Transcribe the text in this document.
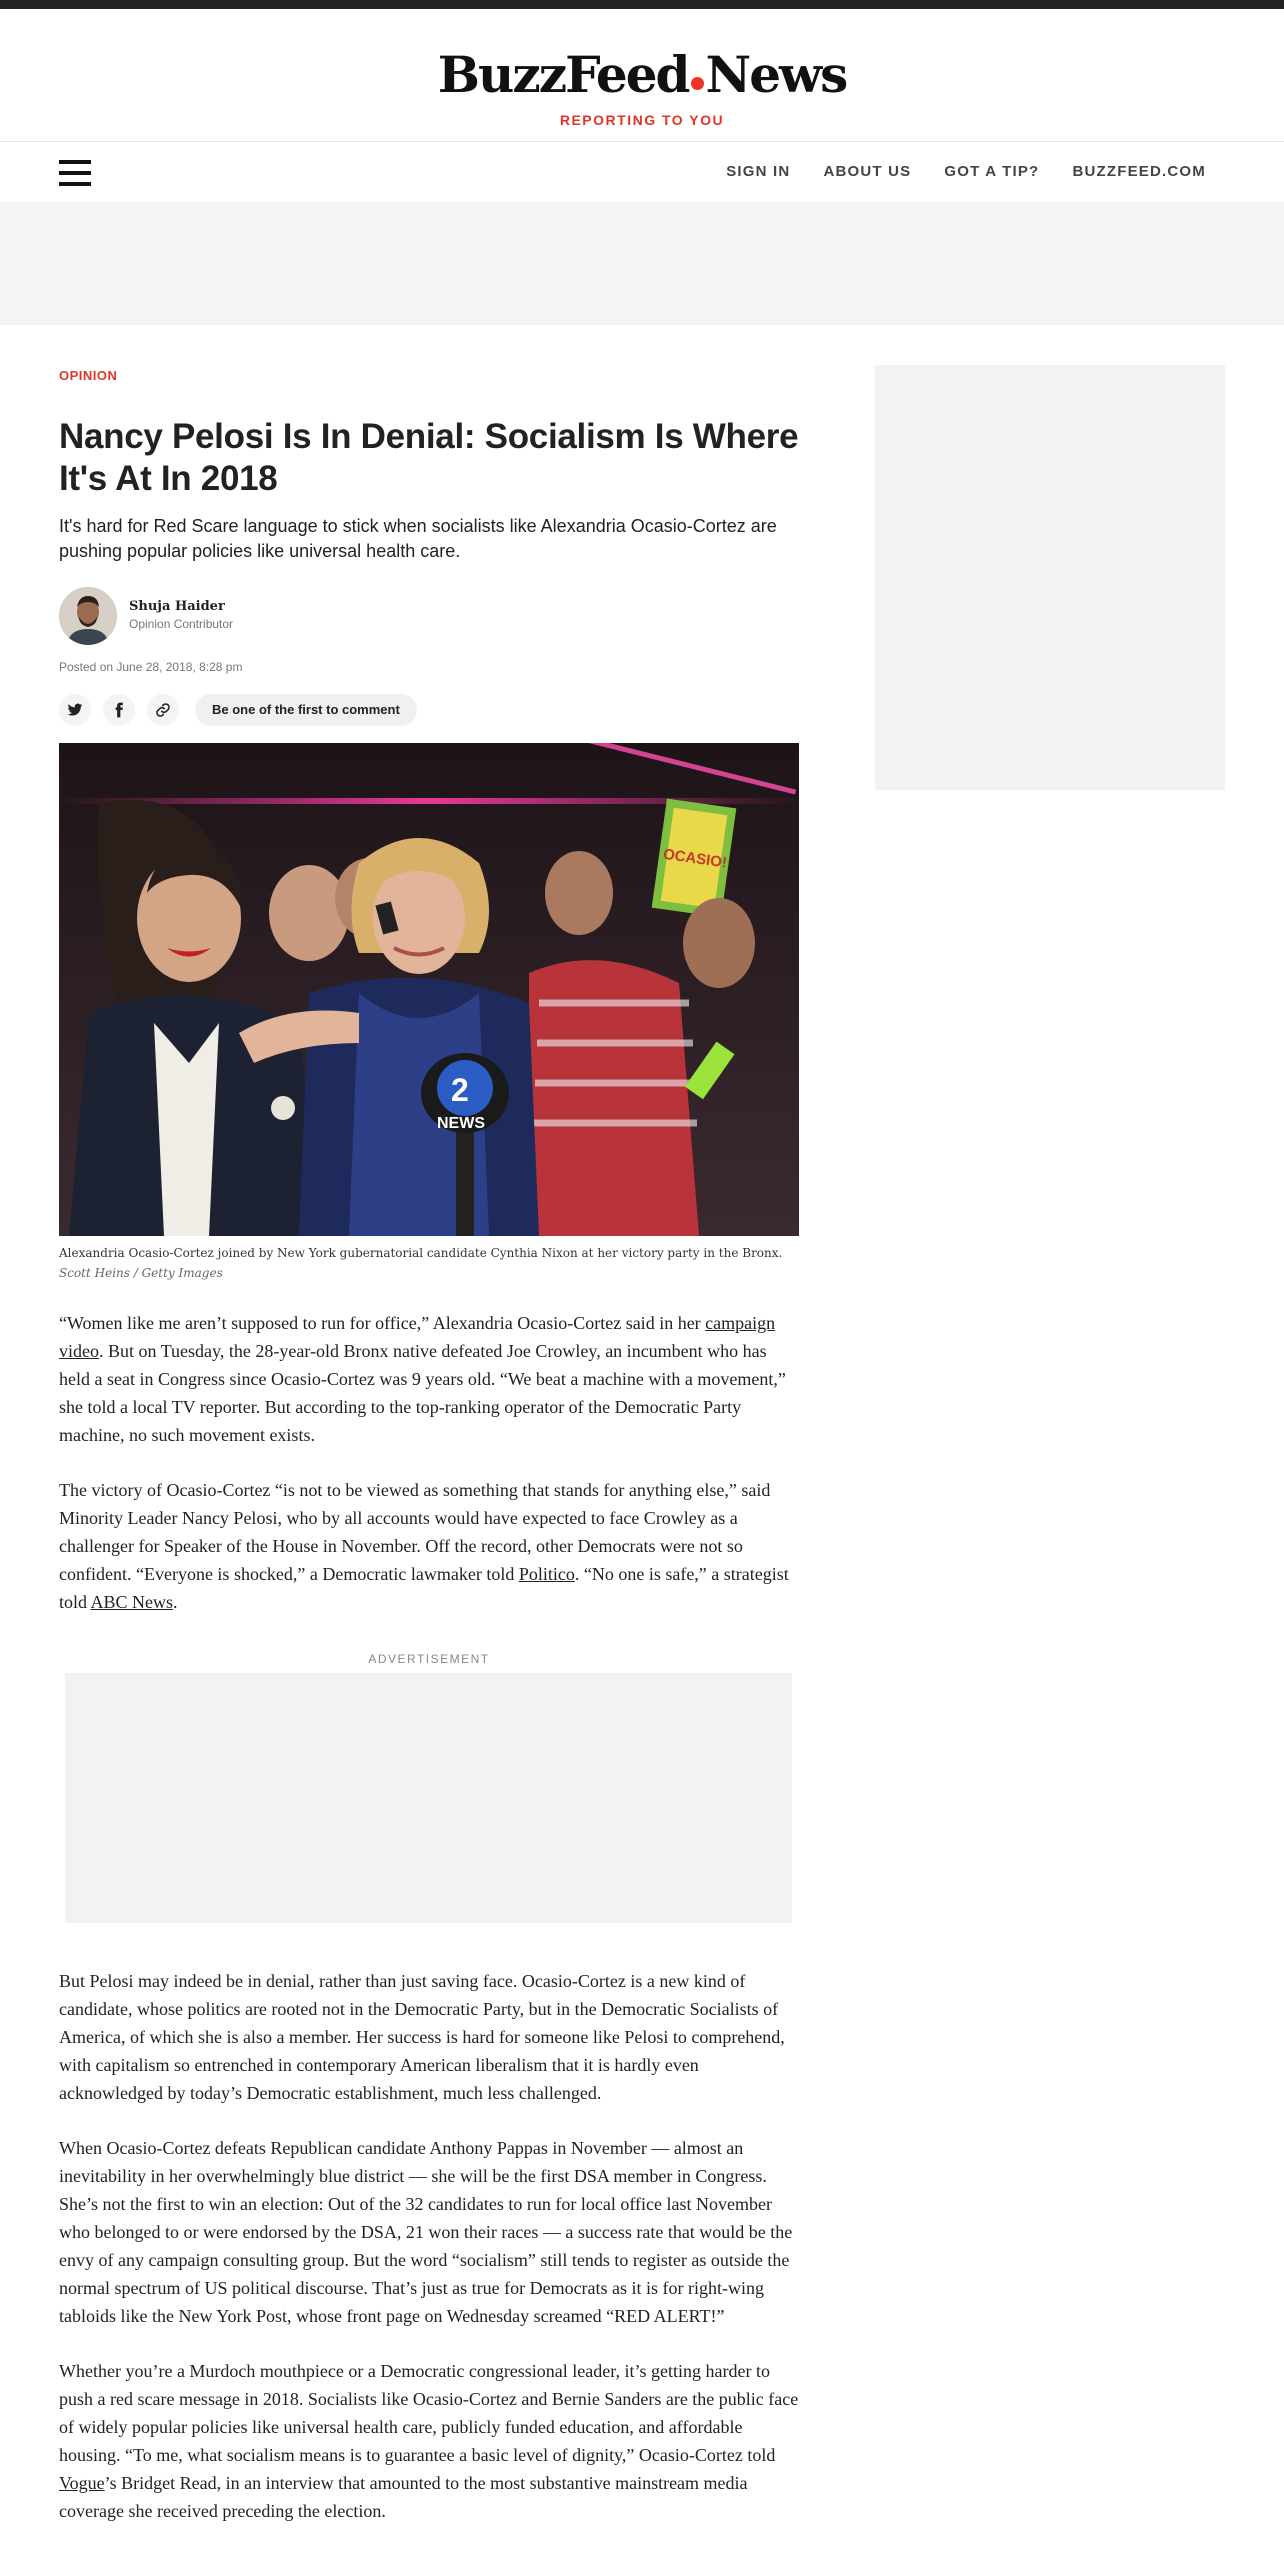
BuzzFeed News
REPORTING TO YOU
SIGN IN ABOUT US GOT A TIP? BUZZFEED.COM
OPINION
Nancy Pelosi Is In Denial: Socialism Is Where It's At In 2018
It's hard for Red Scare language to stick when socialists like Alexandria Ocasio-Cortez are pushing popular policies like universal health care.
Shuja Haider
Opinion Contributor
Posted on June 28, 2018, 8:28 pm
Be one of the first to comment
OCASIO!
2
NEWS
Alexandria Ocasio-Cortez joined by New York gubernatorial candidate Cynthia Nixon at her victory party in the Bronx.
Scott Heins / Getty Images

“Women like me aren’t supposed to run for office,” Alexandria Ocasio-Cortez said in her campaign video. But on Tuesday, the 28-year-old Bronx native defeated Joe Crowley, an incumbent who has held a seat in Congress since Ocasio-Cortez was 9 years old. “We beat a machine with a movement,” she told a local TV reporter. But according to the top-ranking operator of the Democratic Party machine, no such movement exists.

The victory of Ocasio-Cortez “is not to be viewed as something that stands for anything else,” said Minority Leader Nancy Pelosi, who by all accounts would have expected to face Crowley as a challenger for Speaker of the House in November. Off the record, other Democrats were not so confident. “Everyone is shocked,” a Democratic lawmaker told Politico. “No one is safe,” a strategist told ABC News.

ADVERTISEMENT

But Pelosi may indeed be in denial, rather than just saving face. Ocasio-Cortez is a new kind of candidate, whose politics are rooted not in the Democratic Party, but in the Democratic Socialists of America, of which she is also a member. Her success is hard for someone like Pelosi to comprehend, with capitalism so entrenched in contemporary American liberalism that it is hardly even acknowledged by today’s Democratic establishment, much less challenged.

When Ocasio-Cortez defeats Republican candidate Anthony Pappas in November — almost an inevitability in her overwhelmingly blue district — she will be the first DSA member in Congress. She’s not the first to win an election: Out of the 32 candidates to run for local office last November who belonged to or were endorsed by the DSA, 21 won their races — a success rate that would be the envy of any campaign consulting group. But the word “socialism” still tends to register as outside the normal spectrum of US political discourse. That’s just as true for Democrats as it is for right-wing tabloids like the New York Post, whose front page on Wednesday screamed “RED ALERT!”

Whether you’re a Murdoch mouthpiece or a Democratic congressional leader, it’s getting harder to push a red scare message in 2018. Socialists like Ocasio-Cortez and Bernie Sanders are the public face of widely popular policies like universal health care, publicly funded education, and affordable housing. “To me, what socialism means is to guarantee a basic level of dignity,” Ocasio-Cortez told Vogue’s Bridget Read, in an interview that amounted to the most substantive mainstream media coverage she received preceding the election.
